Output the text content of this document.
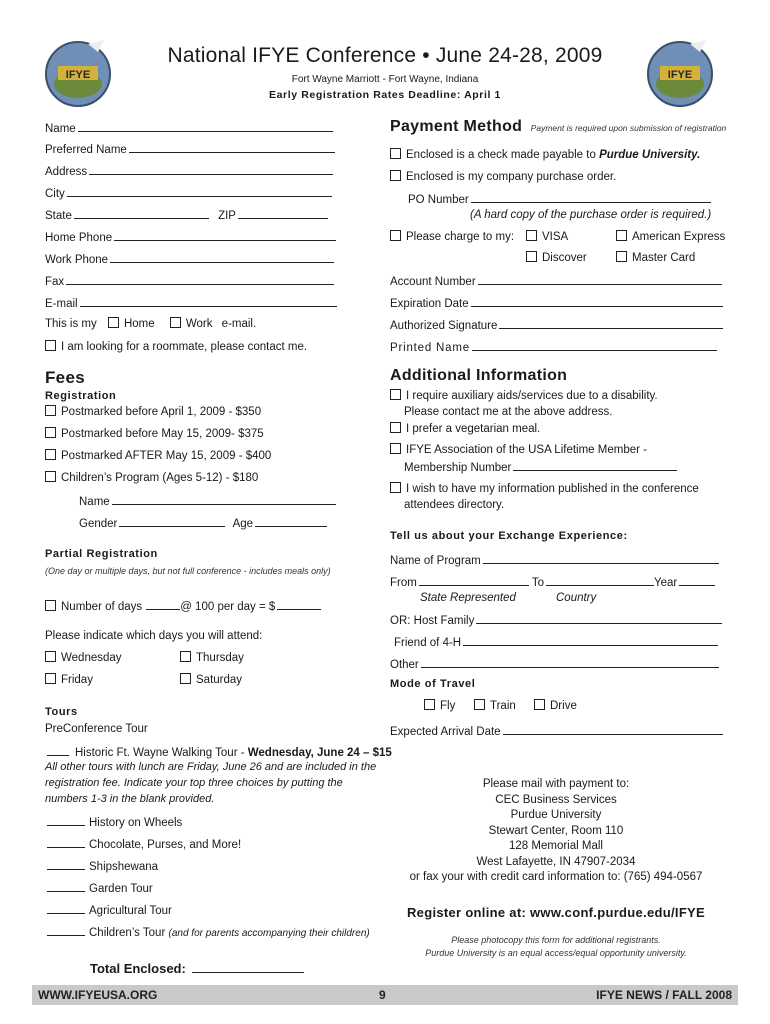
IFYE	IFYE
National IFYE Conference • June 24-28, 2009
Fort Wayne Marriott - Fort Wayne, Indiana
Early Registration Rates Deadline: April 1
Name
Preferred Name
Address
City
State	ZIP
Home Phone
Work Phone
Fax
E-mail
This is my Home	Work e-mail.
I am looking for a roommate, please contact me.
Fees
Registration
Postmarked before April 1, 2009 - $350
Postmarked before May 15, 2009- $375
Postmarked AFTER May 15, 2009 - $400
Children’s Program (Ages 5-12) - $180
Name
Gender	Age
Partial Registration
(One day or multiple days, but not full conference - includes meals only)
Number of days	@ 100 per day = $
Please indicate which days you will attend:
Wednesday	Thursday
Friday	Saturday
Tours
PreConference Tour
Historic Ft. Wayne Walking Tour - Wednesday, June 24 – $15
All other tours with lunch are Friday, June 26 and are included in the registration fee. Indicate your top three choices by putting the numbers 1-3 in the blank provided.
History on Wheels
Chocolate, Purses, and More!
Shipshewana
Garden Tour
Agricultural Tour
Children’s Tour (and for parents accompanying their children)
Total Enclosed:
Payment Method Payment is required upon submission of registration
Enclosed is a check made payable to Purdue University.
Enclosed is my company purchase order.
PO Number
(A hard copy of the purchase order is required.)
Please charge to my:	VISA	American Express
Discover	Master Card
Account Number
Expiration Date
Authorized Signature
Printed Name
Additional Information
I require auxiliary aids/services due to a disability.
Please contact me at the above address.
I prefer a vegetarian meal.
IFYE Association of the USA Lifetime Member -
Membership Number
I wish to have my information published in the conference
attendees directory.
Tell us about your Exchange Experience:
Name of Program
From	To	Year
State Represented	Country
OR: Host Family
Friend of 4-H
Other
Mode of Travel
Fly	Train	Drive
Expected Arrival Date
Please mail with payment to:
CEC Business Services
Purdue University
Stewart Center, Room 110
128 Memorial Mall
West Lafayette, IN 47907-2034
or fax your with credit card information to: (765) 494-0567
Register online at: www.conf.purdue.edu/IFYE
Please photocopy this form for additional registrants.
Purdue University is an equal access/equal opportunity university.
WWW.IFYEUSA.ORG	9	IFYE NEWS / FALL 2008
